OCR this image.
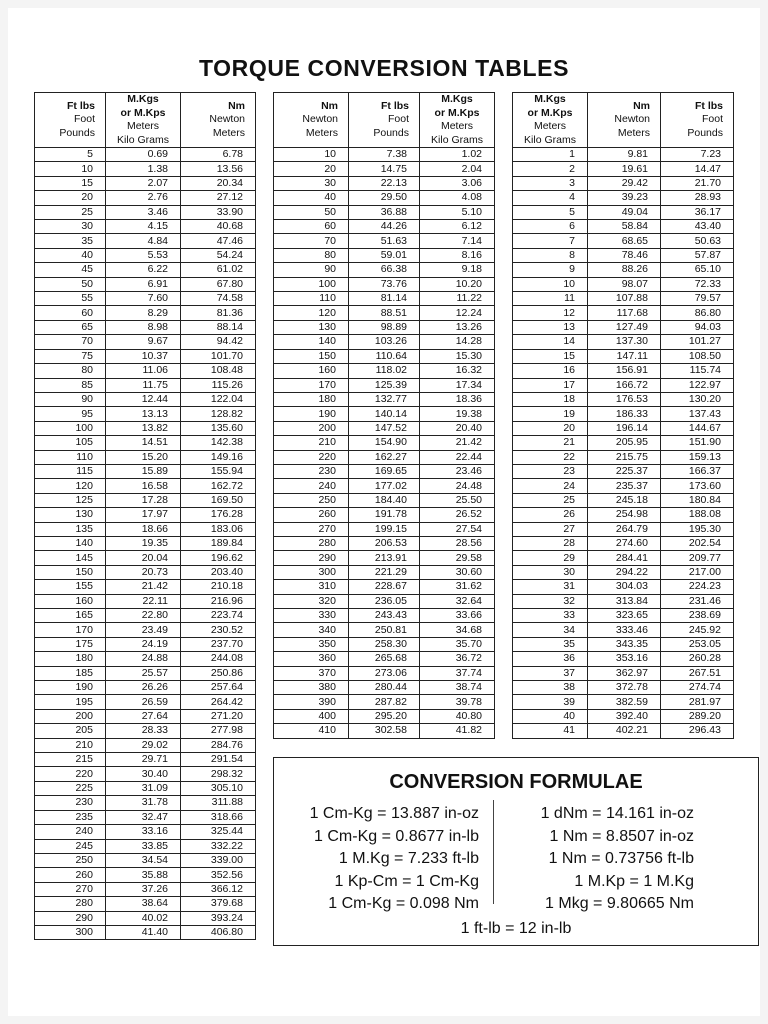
TORQUE CONVERSION TABLES
Ft lbs
Foot
Pounds	M.Kgs
or M.Kps
Meters
Kilo Grams	Nm
Newton
Meters

5	0.69	6.78
10	1.38	13.56
15	2.07	20.34
20	2.76	27.12
25	3.46	33.90
30	4.15	40.68
35	4.84	47.46
40	5.53	54.24
45	6.22	61.02
50	6.91	67.80
55	7.60	74.58
60	8.29	81.36
65	8.98	88.14
70	9.67	94.42
75	10.37	101.70
80	11.06	108.48
85	11.75	115.26
90	12.44	122.04
95	13.13	128.82
100	13.82	135.60
105	14.51	142.38
110	15.20	149.16
115	15.89	155.94
120	16.58	162.72
125	17.28	169.50
130	17.97	176.28
135	18.66	183.06
140	19.35	189.84
145	20.04	196.62
150	20.73	203.40
155	21.42	210.18
160	22.11	216.96
165	22.80	223.74
170	23.49	230.52
175	24.19	237.70
180	24.88	244.08
185	25.57	250.86
190	26.26	257.64
195	26.59	264.42
200	27.64	271.20
205	28.33	277.98
210	29.02	284.76
215	29.71	291.54
220	30.40	298.32
225	31.09	305.10
230	31.78	311.88
235	32.47	318.66
240	33.16	325.44
245	33.85	332.22
250	34.54	339.00
260	35.88	352.56
270	37.26	366.12
280	38.64	379.68
290	40.02	393.24
300	41.40	406.80
Nm
Newton
Meters	Ft lbs
Foot
Pounds	M.Kgs
or M.Kps
Meters
Kilo Grams

10	7.38	1.02
20	14.75	2.04
30	22.13	3.06
40	29.50	4.08
50	36.88	5.10
60	44.26	6.12
70	51.63	7.14
80	59.01	8.16
90	66.38	9.18
100	73.76	10.20
110	81.14	11.22
120	88.51	12.24
130	98.89	13.26
140	103.26	14.28
150	110.64	15.30
160	118.02	16.32
170	125.39	17.34
180	132.77	18.36
190	140.14	19.38
200	147.52	20.40
210	154.90	21.42
220	162.27	22.44
230	169.65	23.46
240	177.02	24.48
250	184.40	25.50
260	191.78	26.52
270	199.15	27.54
280	206.53	28.56
290	213.91	29.58
300	221.29	30.60
310	228.67	31.62
320	236.05	32.64
330	243.43	33.66
340	250.81	34.68
350	258.30	35.70
360	265.68	36.72
370	273.06	37.74
380	280.44	38.74
390	287.82	39.78
400	295.20	40.80
410	302.58	41.82
M.Kgs
or M.Kps
Meters
Kilo Grams	Nm
Newton
Meters	Ft lbs
Foot
Pounds

1	9.81	7.23
2	19.61	14.47
3	29.42	21.70
4	39.23	28.93
5	49.04	36.17
6	58.84	43.40
7	68.65	50.63
8	78.46	57.87
9	88.26	65.10
10	98.07	72.33
11	107.88	79.57
12	117.68	86.80
13	127.49	94.03
14	137.30	101.27
15	147.11	108.50
16	156.91	115.74
17	166.72	122.97
18	176.53	130.20
19	186.33	137.43
20	196.14	144.67
21	205.95	151.90
22	215.75	159.13
23	225.37	166.37
24	235.37	173.60
25	245.18	180.84
26	254.98	188.08
27	264.79	195.30
28	274.60	202.54
29	284.41	209.77
30	294.22	217.00
31	304.03	224.23
32	313.84	231.46
33	323.65	238.69
34	333.46	245.92
35	343.35	253.05
36	353.16	260.28
37	362.97	267.51
38	372.78	274.74
39	382.59	281.97
40	392.40	289.20
41	402.21	296.43
CONVERSION FORMULAE
1 Cm-Kg = 13.887 in-oz
1 Cm-Kg = 0.8677 in-lb
1 M.Kg = 7.233 ft-lb
1 Kp-Cm = 1 Cm-Kg
1 Cm-Kg = 0.098 Nm
1 dNm = 14.161 in-oz
1 Nm = 8.8507 in-oz
1 Nm = 0.73756 ft-lb
1 M.Kp = 1 M.Kg
1 Mkg = 9.80665 Nm
1 ft-lb = 12 in-lb
